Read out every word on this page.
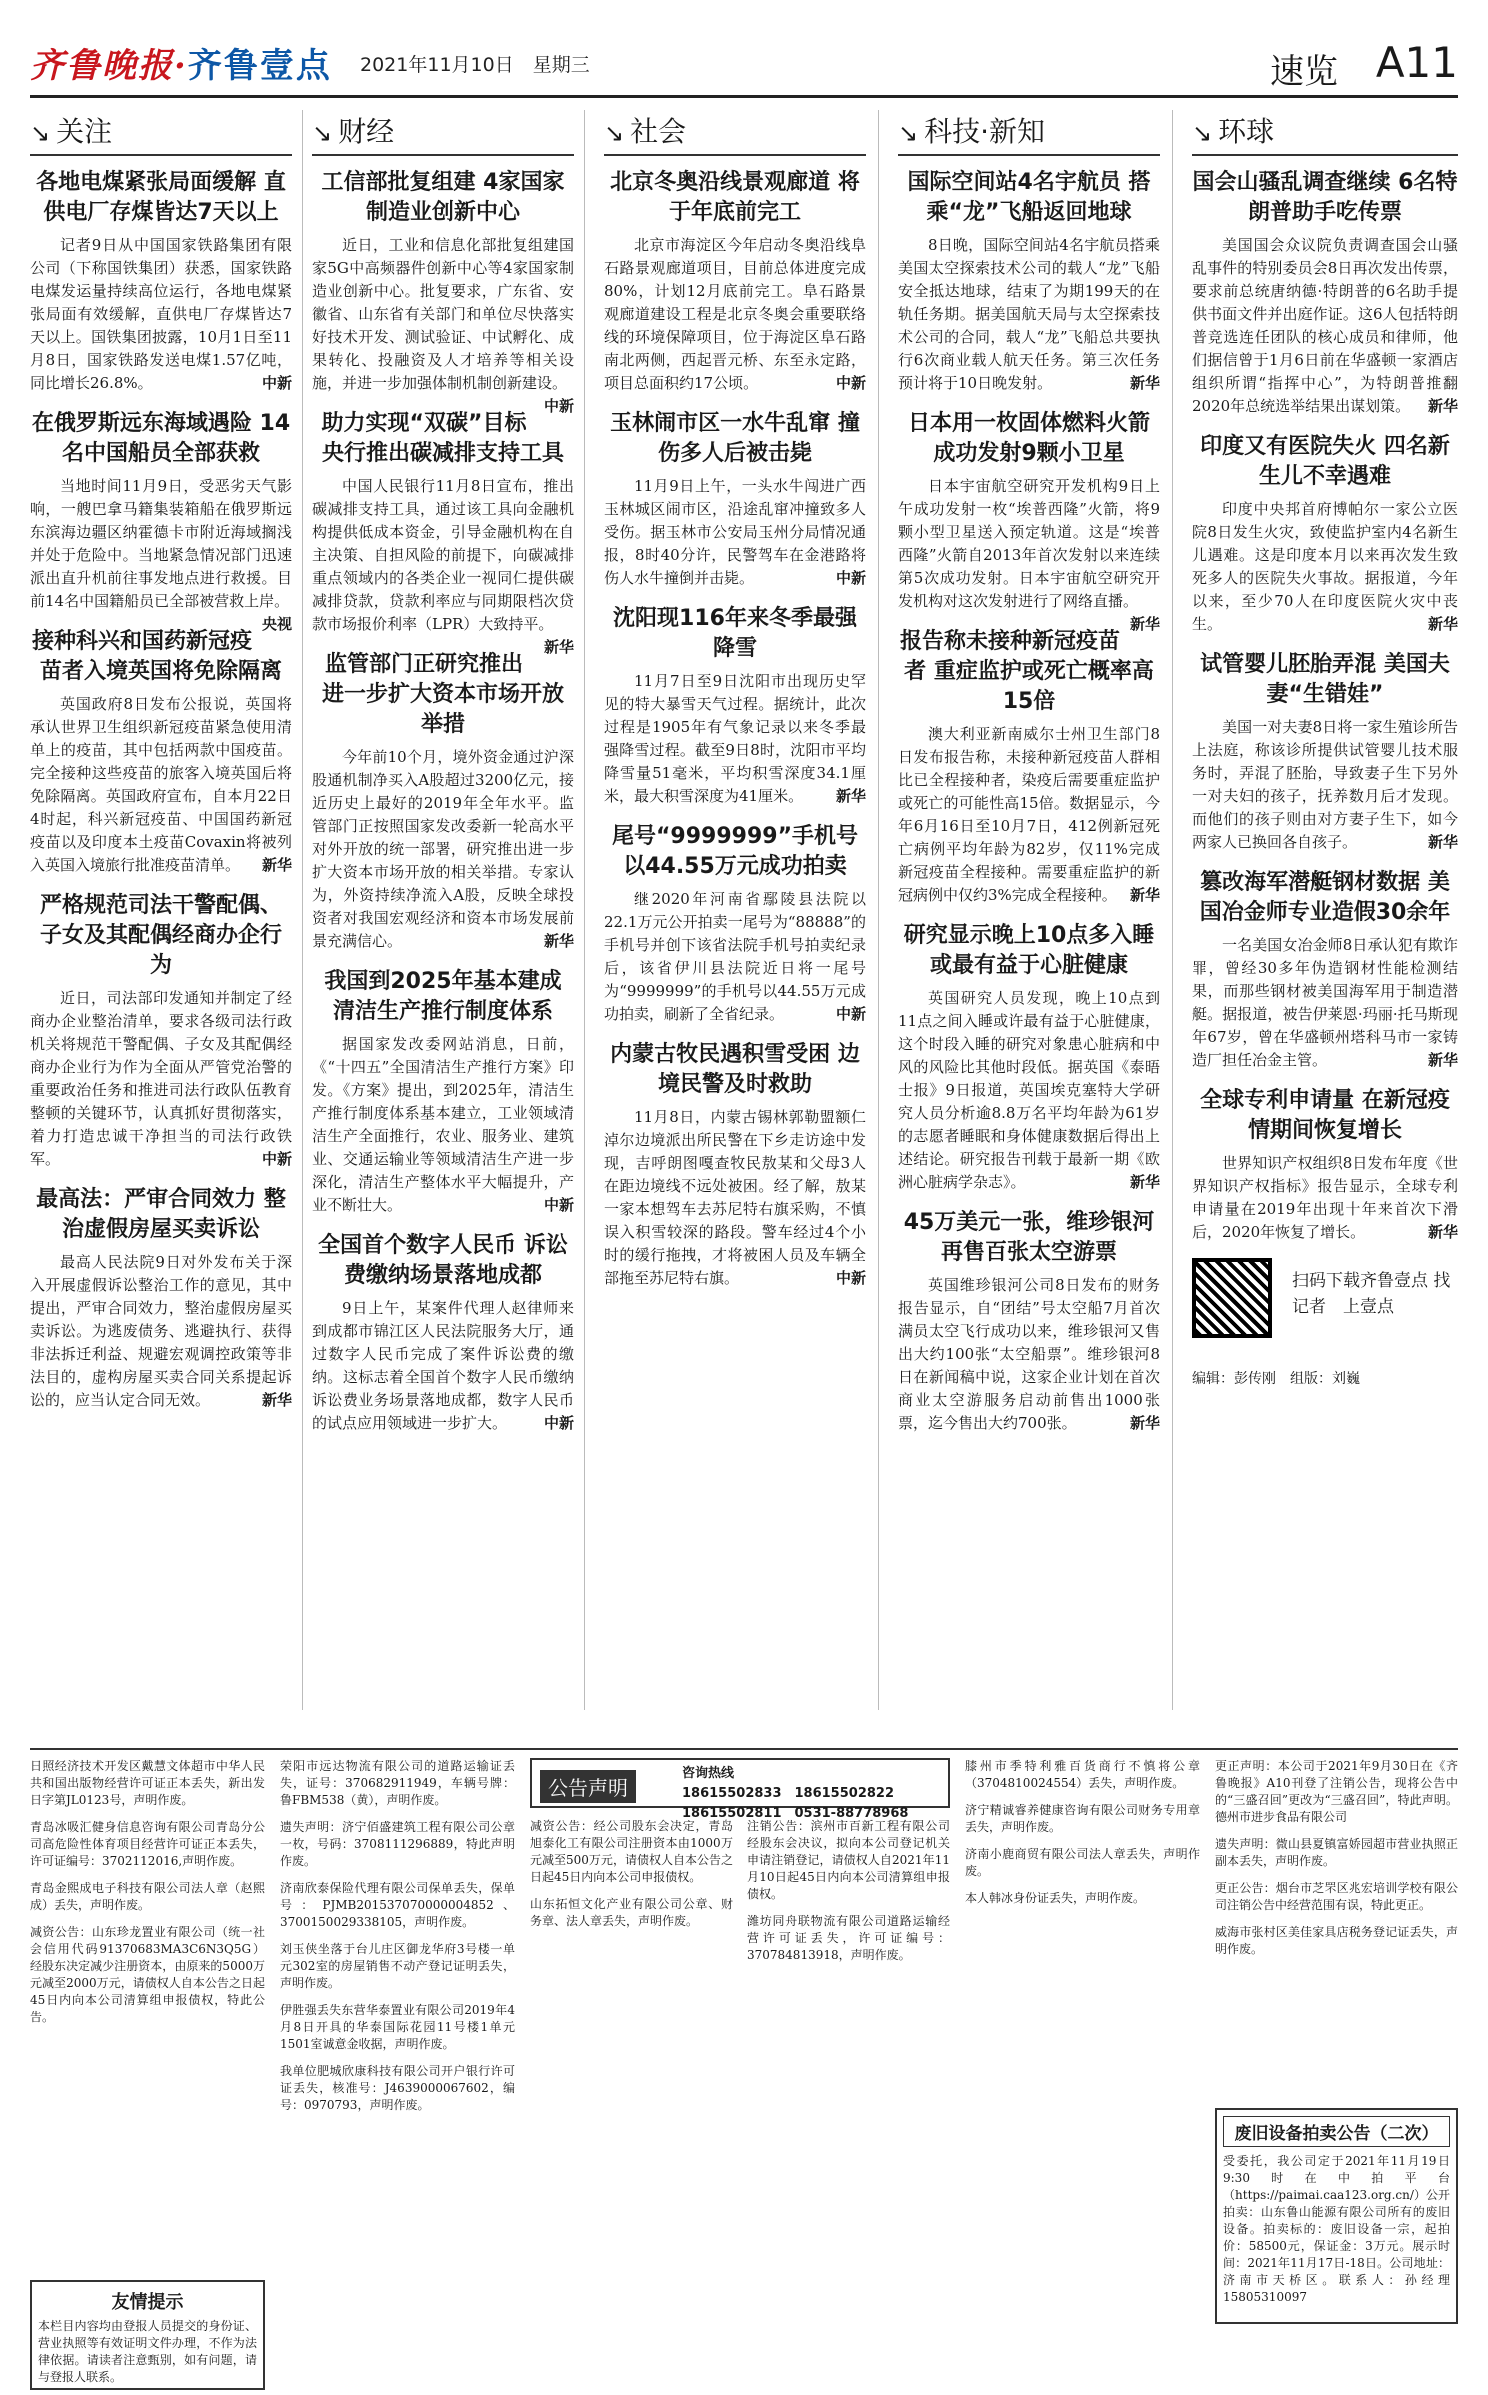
齐鲁晚报·齐鲁壹点 2021年11月10日　星期三	速览 A11
↘ 关注
各地电煤紧张局面缓解 直供电厂存煤皆达7天以上
记者9日从中国国家铁路集团有限公司（下称国铁集团）获悉，国家铁路电煤发运量持续高位运行，各地电煤紧张局面有效缓解，直供电厂存煤皆达7天以上。国铁集团披露，10月1日至11月8日，国家铁路发送电煤1.57亿吨，同比增长26.8%。	中新
在俄罗斯远东海域遇险 14名中国船员全部获救
当地时间11月9日，受恶劣天气影响，一艘巴拿马籍集装箱船在俄罗斯远东滨海边疆区纳霍德卡市附近海域搁浅并处于危险中。当地紧急情况部门迅速派出直升机前往事发地点进行救援。目前14名中国籍船员已全部被营救上岸。
央视
接种科兴和国药新冠疫苗者入境英国将免除隔离
英国政府8日发布公报说，英国将承认世界卫生组织新冠疫苗紧急使用清单上的疫苗，其中包括两款中国疫苗。完全接种这些疫苗的旅客入境英国后将免除隔离。英国政府宣布，自本月22日4时起，科兴新冠疫苗、中国国药新冠疫苗以及印度本土疫苗Covaxin将被列入英国入境旅行批准疫苗清单。 新华
严格规范司法干警配偶、子女及其配偶经商办企行为
近日，司法部印发通知并制定了经商办企业整治清单，要求各级司法行政机关将规范干警配偶、子女及其配偶经商办企业行为作为全面从严管党治警的重要政治任务和推进司法行政队伍教育整顿的关键环节，认真抓好贯彻落实，着力打造忠诚干净担当的司法行政铁军。	中新
最高法：严审合同效力 整治虚假房屋买卖诉讼
最高人民法院9日对外发布关于深入开展虚假诉讼整治工作的意见，其中提出，严审合同效力，整治虚假房屋买卖诉讼。为逃废债务、逃避执行、获得非法拆迁利益、规避宏观调控政策等非法目的，虚构房屋买卖合同关系提起诉讼的，应当认定合同无效。	新华
↘ 财经
工信部批复组建 4家国家制造业创新中心
近日，工业和信息化部批复组建国家5G中高频器件创新中心等4家国家制造业创新中心。批复要求，广东省、安徽省、山东省有关部门和单位尽快落实好技术开发、测试验证、中试孵化、成果转化、投融资及人才培养等相关设施，并进一步加强体制机制创新建设。
中新
助力实现“双碳”目标 央行推出碳减排支持工具
中国人民银行11月8日宣布，推出碳减排支持工具，通过该工具向金融机构提供低成本资金，引导金融机构在自主决策、自担风险的前提下，向碳减排重点领域内的各类企业一视同仁提供碳减排贷款，贷款利率应与同期限档次贷款市场报价利率（LPR）大致持平。
新华
监管部门正研究推出 进一步扩大资本市场开放举措
今年前10个月，境外资金通过沪深股通机制净买入A股超过3200亿元，接近历史上最好的2019年全年水平。监管部门正按照国家发改委新一轮高水平对外开放的统一部署，研究推出进一步扩大资本市场开放的相关举措。专家认为，外资持续净流入A股，反映全球投资者对我国宏观经济和资本市场发展前景充满信心。	新华
我国到2025年基本建成 清洁生产推行制度体系
据国家发改委网站消息，日前，《“十四五”全国清洁生产推行方案》印发。《方案》提出，到2025年，清洁生产推行制度体系基本建立，工业领域清洁生产全面推行，农业、服务业、建筑业、交通运输业等领域清洁生产进一步深化，清洁生产整体水平大幅提升，产业不断壮大。	中新
全国首个数字人民币 诉讼费缴纳场景落地成都
9日上午，某案件代理人赵律师来到成都市锦江区人民法院服务大厅，通过数字人民币完成了案件诉讼费的缴纳。这标志着全国首个数字人民币缴纳诉讼费业务场景落地成都，数字人民币的试点应用领域进一步扩大。 中新
↘ 社会
北京冬奥沿线景观廊道 将于年底前完工
北京市海淀区今年启动冬奥沿线阜石路景观廊道项目，目前总体进度完成80%，计划12月底前完工。阜石路景观廊道建设工程是北京冬奥会重要联络线的环境保障项目，位于海淀区阜石路南北两侧，西起晋元桥、东至永定路，项目总面积约17公顷。	中新
玉林闹市区一水牛乱窜 撞伤多人后被击毙
11月9日上午，一头水牛闯进广西玉林城区闹市区，沿途乱窜冲撞致多人受伤。据玉林市公安局玉州分局情况通报，8时40分许，民警驾车在金港路将伤人水牛撞倒并击毙。	中新
沈阳现116年来冬季最强降雪
11月7日至9日沈阳市出现历史罕见的特大暴雪天气过程。据统计，此次过程是1905年有气象记录以来冬季最强降雪过程。截至9日8时，沈阳市平均降雪量51毫米，平均积雪深度34.1厘米，最大积雪深度为41厘米。 新华
尾号“9999999”手机号 以44.55万元成功拍卖
继2020年河南省鄢陵县法院以22.1万元公开拍卖一尾号为“88888”的手机号并创下该省法院手机号拍卖纪录后，该省伊川县法院近日将一尾号为“9999999”的手机号以44.55万元成功拍卖，刷新了全省纪录。	中新
内蒙古牧民遇积雪受困 边境民警及时救助
11月8日，内蒙古锡林郭勒盟额仁淖尔边境派出所民警在下乡走访途中发现，吉呼朗图嘎查牧民敖某和父母3人在距边境线不远处被困。经了解，敖某一家本想驾车去苏尼特右旗采购，不慎误入积雪较深的路段。警车经过4个小时的缓行拖拽，才将被困人员及车辆全部拖至苏尼特右旗。	中新
↘ 科技·新知
国际空间站4名宇航员 搭乘“龙”飞船返回地球
8日晚，国际空间站4名宇航员搭乘美国太空探索技术公司的载人“龙”飞船安全抵达地球，结束了为期199天的在轨任务期。据美国航天局与太空探索技术公司的合同，载人“龙”飞船总共要执行6次商业载人航天任务。第三次任务预计将于10日晚发射。	新华
日本用一枚固体燃料火箭 成功发射9颗小卫星
日本宇宙航空研究开发机构9日上午成功发射一枚“埃普西隆”火箭，将9颗小型卫星送入预定轨道。这是“埃普西隆”火箭自2013年首次发射以来连续第5次成功发射。日本宇宙航空研究开发机构对这次发射进行了网络直播。
新华
报告称未接种新冠疫苗者 重症监护或死亡概率高15倍
澳大利亚新南威尔士州卫生部门8日发布报告称，未接种新冠疫苗人群相比已全程接种者，染疫后需要重症监护或死亡的可能性高15倍。数据显示，今年6月16日至10月7日，412例新冠死亡病例平均年龄为82岁，仅11%完成新冠疫苗全程接种。需要重症监护的新冠病例中仅约3%完成全程接种。 新华
研究显示晚上10点多入睡 或最有益于心脏健康
英国研究人员发现，晚上10点到11点之间入睡或许最有益于心脏健康，这个时段入睡的研究对象患心脏病和中风的风险比其他时段低。据英国《泰晤士报》9日报道，英国埃克塞特大学研究人员分析逾8.8万名平均年龄为61岁的志愿者睡眠和身体健康数据后得出上述结论。研究报告刊载于最新一期《欧洲心脏病学杂志》。	新华
45万美元一张，维珍银河 再售百张太空游票
英国维珍银河公司8日发布的财务报告显示，自“团结”号太空船7月首次满员太空飞行成功以来，维珍银河又售出大约100张“太空船票”。维珍银河8日在新闻稿中说，这家企业计划在首次商业太空游服务启动前售出1000张票，迄今售出大约700张。	新华
↘ 环球
国会山骚乱调查继续 6名特朗普助手吃传票
美国国会众议院负责调查国会山骚乱事件的特别委员会8日再次发出传票，要求前总统唐纳德·特朗普的6名助手提供书面文件并出庭作证。这6人包括特朗普竞选连任团队的核心成员和律师，他们据信曾于1月6日前在华盛顿一家酒店组织所谓“指挥中心”，为特朗普推翻2020年总统选举结果出谋划策。 新华
印度又有医院失火 四名新生儿不幸遇难
印度中央邦首府博帕尔一家公立医院8日发生火灾，致使监护室内4名新生儿遇难。这是印度本月以来再次发生致死多人的医院失火事故。据报道，今年以来，至少70人在印度医院火灾中丧生。	新华
试管婴儿胚胎弄混 美国夫妻“生错娃”
美国一对夫妻8日将一家生殖诊所告上法庭，称该诊所提供试管婴儿技术服务时，弄混了胚胎，导致妻子生下另外一对夫妇的孩子，抚养数月后才发现。而他们的孩子则由对方妻子生下，如今两家人已换回各自孩子。	新华
篡改海军潜艇钢材数据 美国冶金师专业造假30余年
一名美国女冶金师8日承认犯有欺诈罪，曾经30多年伪造钢材性能检测结果，而那些钢材被美国海军用于制造潜艇。据报道，被告伊莱恩·玛丽·托马斯现年67岁，曾在华盛顿州塔科马市一家铸造厂担任冶金主管。	新华
全球专利申请量 在新冠疫情期间恢复增长
世界知识产权组织8日发布年度《世界知识产权指标》报告显示，全球专利申请量在2019年出现十年来首次下滑后，2020年恢复了增长。	新华
扫码下载齐鲁壹点 找记者　上壹点
编辑：彭传刚　组版：刘巍
日照经济技术开发区戴慧文体超市中华人民共和国出版物经营许可证正本丢失，新出发日字第JL0123号，声明作废。
青岛冰吸汇健身信息咨询有限公司青岛分公司高危险性体育项目经营许可证正本丢失，许可证编号：3702112016,声明作废。
青岛金熙成电子科技有限公司法人章（赵熙成）丢失，声明作废。
减资公告：山东珍龙置业有限公司（统一社会信用代码91370683MA3C6N3Q5G）经股东决定减少注册资本，由原来的5000万元减至2000万元，请债权人自本公告之日起45日内向本公司清算组申报债权，特此公告。
荣阳市远达物流有限公司的道路运输证丢失，证号：370682911949，车辆号牌：鲁FBM538（黄），声明作废。
遗失声明：济宁佰盛建筑工程有限公司公章一枚，号码：3708111296889，特此声明作废。
济南欣泰保险代理有限公司保单丢失，保单号：PJMB201537070000004852、3700150029338105，声明作废。
刘玉侠坐落于台儿庄区御龙华府3号楼一单元302室的房屋销售不动产登记证明丢失，声明作废。
伊胜强丢失东营华泰置业有限公司2019年4月8日开具的华泰国际花园11号楼1单元1501室诚意金收据，声明作废。
我单位肥城欣康科技有限公司开户银行许可证丢失，核准号：J4639000067602，编号：0970793，声明作废。
公告声明
咨询热线
18615502833　18615502822
18615502811　0531-88778968
减资公告：经公司股东会决定，青岛旭泰化工有限公司注册资本由1000万元减至500万元，请债权人自本公告之日起45日内向本公司申报债权。
山东拓恒文化产业有限公司公章、财务章、法人章丢失，声明作废。
注销公告：滨州市百新工程有限公司经股东会决议，拟向本公司登记机关申请注销登记，请债权人自2021年11月10日起45日内向本公司清算组申报债权。
潍坊同舟联物流有限公司道路运输经营许可证丢失，许可证编号：370784813918，声明作废。
膝州市季特利雅百货商行不慎将公章（3704810024554）丢失，声明作废。
济宁精诚睿养健康咨询有限公司财务专用章丢失，声明作废。
济南小鹿商贸有限公司法人章丢失，声明作废。
本人韩冰身份证丢失，声明作废。
更正声明：本公司于2021年9月30日在《齐鲁晚报》A10刊登了注销公告，现将公告中的“三盛召回”更改为“三盛召回”，特此声明。德州市进步食品有限公司
遗失声明：微山县夏镇富娇园超市营业执照正副本丢失，声明作废。
更正公告：烟台市芝罘区兆宏培训学校有限公司注销公告中经营范围有误，特此更正。
威海市张村区美佳家具店税务登记证丢失，声明作废。
废旧设备拍卖公告（二次）
受委托，我公司定于2021年11月19日9:30时在中拍平台（https://paimai.caa123.org.cn/）公开拍卖：山东鲁山能源有限公司所有的废旧设备。拍卖标的：废旧设备一宗，起拍价：58500元，保证金：3万元。展示时间：2021年11月17日-18日。公司地址：济南市天桥区。联系人：孙经理　15805310097
友情提示
本栏目内容均由登报人员提交的身份证、营业执照等有效证明文件办理，不作为法律依据。请读者注意甄别，如有问题，请与登报人联系。
